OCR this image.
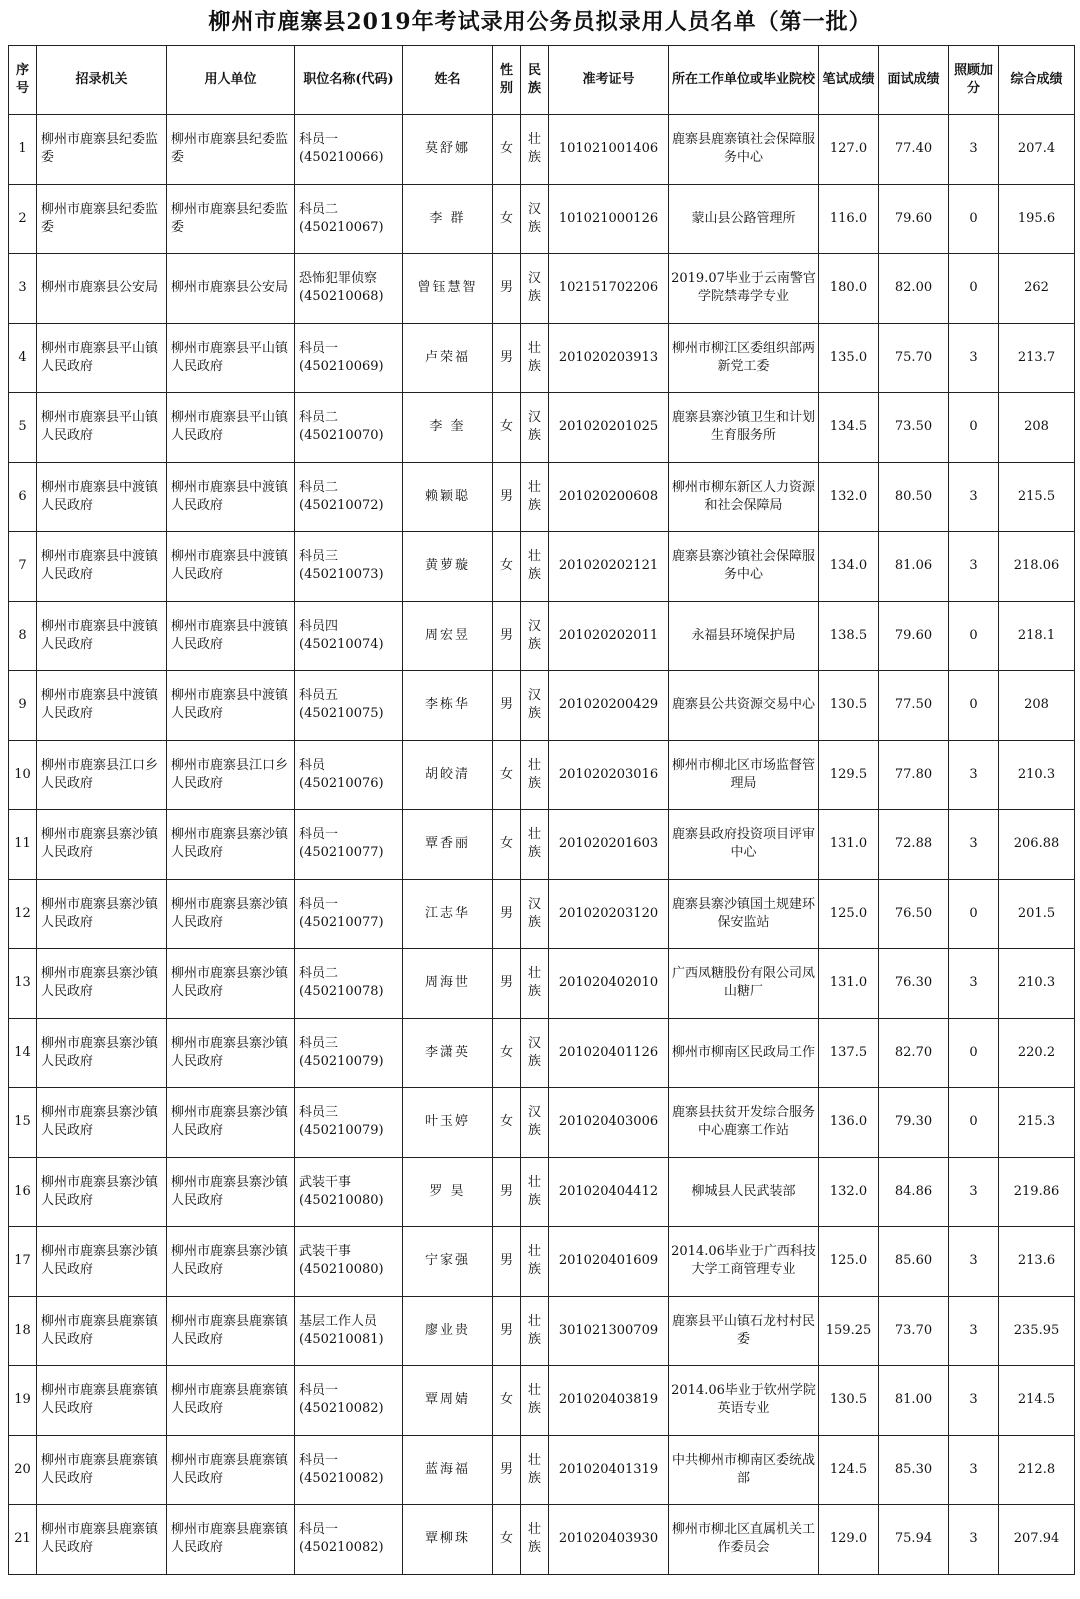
柳州市鹿寨县2019年考试录用公务员拟录用人员名单（第一批）
序号	招录机关	用人单位	职位名称(代码)	姓名	性别	民族	准考证号	所在工作单位或毕业院校	笔试成绩	面试成绩	照顾加分	综合成绩
1	柳州市鹿寨县纪委监委	柳州市鹿寨县纪委监委	科员一(450210066)	莫舒娜	女	壮族	101021001406	鹿寨县鹿寨镇社会保障服务中心	127.0	77.40	3	207.4
2	柳州市鹿寨县纪委监委	柳州市鹿寨县纪委监委	科员二(450210067)	李 群	女	汉族	101021000126	蒙山县公路管理所	116.0	79.60	0	195.6
3	柳州市鹿寨县公安局	柳州市鹿寨县公安局	恐怖犯罪侦察(450210068)	曾钰慧智	男	汉族	102151702206	2019.07毕业于云南警官学院禁毒学专业	180.0	82.00	0	262
4	柳州市鹿寨县平山镇人民政府	柳州市鹿寨县平山镇人民政府	科员一(450210069)	卢荣福	男	壮族	201020203913	柳州市柳江区委组织部两新党工委	135.0	75.70	3	213.7
5	柳州市鹿寨县平山镇人民政府	柳州市鹿寨县平山镇人民政府	科员二(450210070)	李 奎	女	汉族	201020201025	鹿寨县寨沙镇卫生和计划生育服务所	134.5	73.50	0	208
6	柳州市鹿寨县中渡镇人民政府	柳州市鹿寨县中渡镇人民政府	科员二(450210072)	赖颖聪	男	壮族	201020200608	柳州市柳东新区人力资源和社会保障局	132.0	80.50	3	215.5
7	柳州市鹿寨县中渡镇人民政府	柳州市鹿寨县中渡镇人民政府	科员三(450210073)	黄萝璇	女	壮族	201020202121	鹿寨县寨沙镇社会保障服务中心	134.0	81.06	3	218.06
8	柳州市鹿寨县中渡镇人民政府	柳州市鹿寨县中渡镇人民政府	科员四(450210074)	周宏昱	男	汉族	201020202011	永福县环境保护局	138.5	79.60	0	218.1
9	柳州市鹿寨县中渡镇人民政府	柳州市鹿寨县中渡镇人民政府	科员五(450210075)	李栋华	男	汉族	201020200429	鹿寨县公共资源交易中心	130.5	77.50	0	208
10	柳州市鹿寨县江口乡人民政府	柳州市鹿寨县江口乡人民政府	科员(450210076)	胡皎清	女	壮族	201020203016	柳州市柳北区市场监督管理局	129.5	77.80	3	210.3
11	柳州市鹿寨县寨沙镇人民政府	柳州市鹿寨县寨沙镇人民政府	科员一(450210077)	覃香丽	女	壮族	201020201603	鹿寨县政府投资项目评审中心	131.0	72.88	3	206.88
12	柳州市鹿寨县寨沙镇人民政府	柳州市鹿寨县寨沙镇人民政府	科员一(450210077)	江志华	男	汉族	201020203120	鹿寨县寨沙镇国土规建环保安监站	125.0	76.50	0	201.5
13	柳州市鹿寨县寨沙镇人民政府	柳州市鹿寨县寨沙镇人民政府	科员二(450210078)	周海世	男	壮族	201020402010	广西凤糖股份有限公司凤山糖厂	131.0	76.30	3	210.3
14	柳州市鹿寨县寨沙镇人民政府	柳州市鹿寨县寨沙镇人民政府	科员三(450210079)	李潇英	女	汉族	201020401126	柳州市柳南区民政局工作	137.5	82.70	0	220.2
15	柳州市鹿寨县寨沙镇人民政府	柳州市鹿寨县寨沙镇人民政府	科员三(450210079)	叶玉婷	女	汉族	201020403006	鹿寨县扶贫开发综合服务中心鹿寨工作站	136.0	79.30	0	215.3
16	柳州市鹿寨县寨沙镇人民政府	柳州市鹿寨县寨沙镇人民政府	武装干事(450210080)	罗 昊	男	壮族	201020404412	柳城县人民武装部	132.0	84.86	3	219.86
17	柳州市鹿寨县寨沙镇人民政府	柳州市鹿寨县寨沙镇人民政府	武装干事(450210080)	宁家强	男	壮族	201020401609	2014.06毕业于广西科技大学工商管理专业	125.0	85.60	3	213.6
18	柳州市鹿寨县鹿寨镇人民政府	柳州市鹿寨县鹿寨镇人民政府	基层工作人员(450210081)	廖业贵	男	壮族	301021300709	鹿寨县平山镇石龙村村民委	159.25	73.70	3	235.95
19	柳州市鹿寨县鹿寨镇人民政府	柳州市鹿寨县鹿寨镇人民政府	科员一(450210082)	覃周婧	女	壮族	201020403819	2014.06毕业于钦州学院英语专业	130.5	81.00	3	214.5
20	柳州市鹿寨县鹿寨镇人民政府	柳州市鹿寨县鹿寨镇人民政府	科员一(450210082)	蓝海福	男	壮族	201020401319	中共柳州市柳南区委统战部	124.5	85.30	3	212.8
21	柳州市鹿寨县鹿寨镇人民政府	柳州市鹿寨县鹿寨镇人民政府	科员一(450210082)	覃柳珠	女	壮族	201020403930	柳州市柳北区直属机关工作委员会	129.0	75.94	3	207.94
